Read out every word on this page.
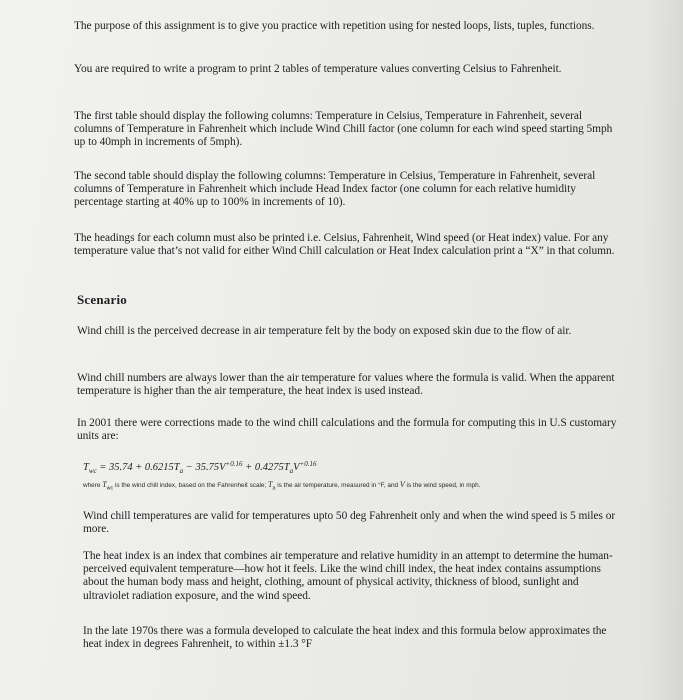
The purpose of this assignment is to give you practice with repetition using for nested loops, lists, tuples, functions.

You are required to write a program to print 2 tables of temperature values converting Celsius to Fahrenheit.

The first table should display the following columns: Temperature in Celsius, Temperature in Fahrenheit, several columns of Temperature in Fahrenheit which include Wind Chill factor (one column for each wind speed starting 5mph up to 40mph in increments of 5mph).

The second table should display the following columns: Temperature in Celsius, Temperature in Fahrenheit, several columns of Temperature in Fahrenheit which include Head Index factor (one column for each relative humidity percentage starting at 40% up to 100% in increments of 10).

The headings for each column must also be printed i.e. Celsius, Fahrenheit, Wind speed (or Heat index) value. For any temperature value that’s not valid for either Wind Chill calculation or Heat Index calculation print a “X” in that column.

Scenario

Wind chill is the perceived decrease in air temperature felt by the body on exposed skin due to the flow of air.

Wind chill numbers are always lower than the air temperature for values where the formula is valid. When the apparent temperature is higher than the air temperature, the heat index is used instead.

In 2001 there were corrections made to the wind chill calculations and the formula for computing this in U.S customary units are:

$T_{wc} = 35.74 + 0.6215T_a - 35.75V^{+0.16} + 0.4275T_aV^{+0.16}$
where $T_{wc}$ is the wind chill index, based on the Fahrenheit scale; $T_a$ is the air temperature, measured in °F, and V is the wind speed, in mph.

Wind chill temperatures are valid for temperatures upto 50 deg Fahrenheit only and when the wind speed is 5 miles or more.

The heat index is an index that combines air temperature and relative humidity in an attempt to determine the human-perceived equivalent temperature—how hot it feels. Like the wind chill index, the heat index contains assumptions about the human body mass and height, clothing, amount of physical activity, thickness of blood, sunlight and ultraviolet radiation exposure, and the wind speed.

In the late 1970s there was a formula developed to calculate the heat index and this formula below approximates the heat index in degrees Fahrenheit, to within ±1.3 °F
